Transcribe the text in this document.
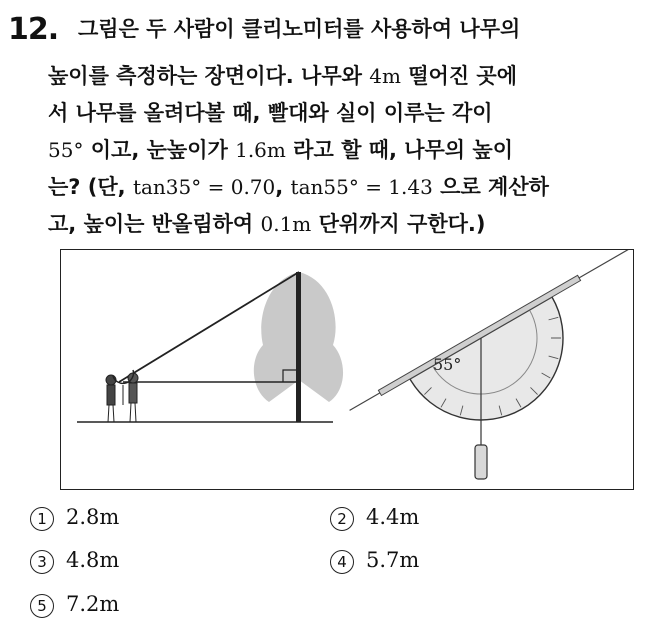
12. 그림은 두 사람이 클리노미터를 사용하여 나무의
높이를 측정하는 장면이다. 나무와 4m 떨어진 곳에
서 나무를 올려다볼 때, 빨대와 실이 이루는 각이
55° 이고, 눈높이가 1.6m 라고 할 때, 나무의 높이
는? (단, tan35° = 0.70, tan55° = 1.43 으로 계산하
고, 높이는 반올림하여 0.1m 단위까지 구한다.)
55°
1 2.8m	2 4.4m
3 4.8m	4 5.7m
5 7.2m
